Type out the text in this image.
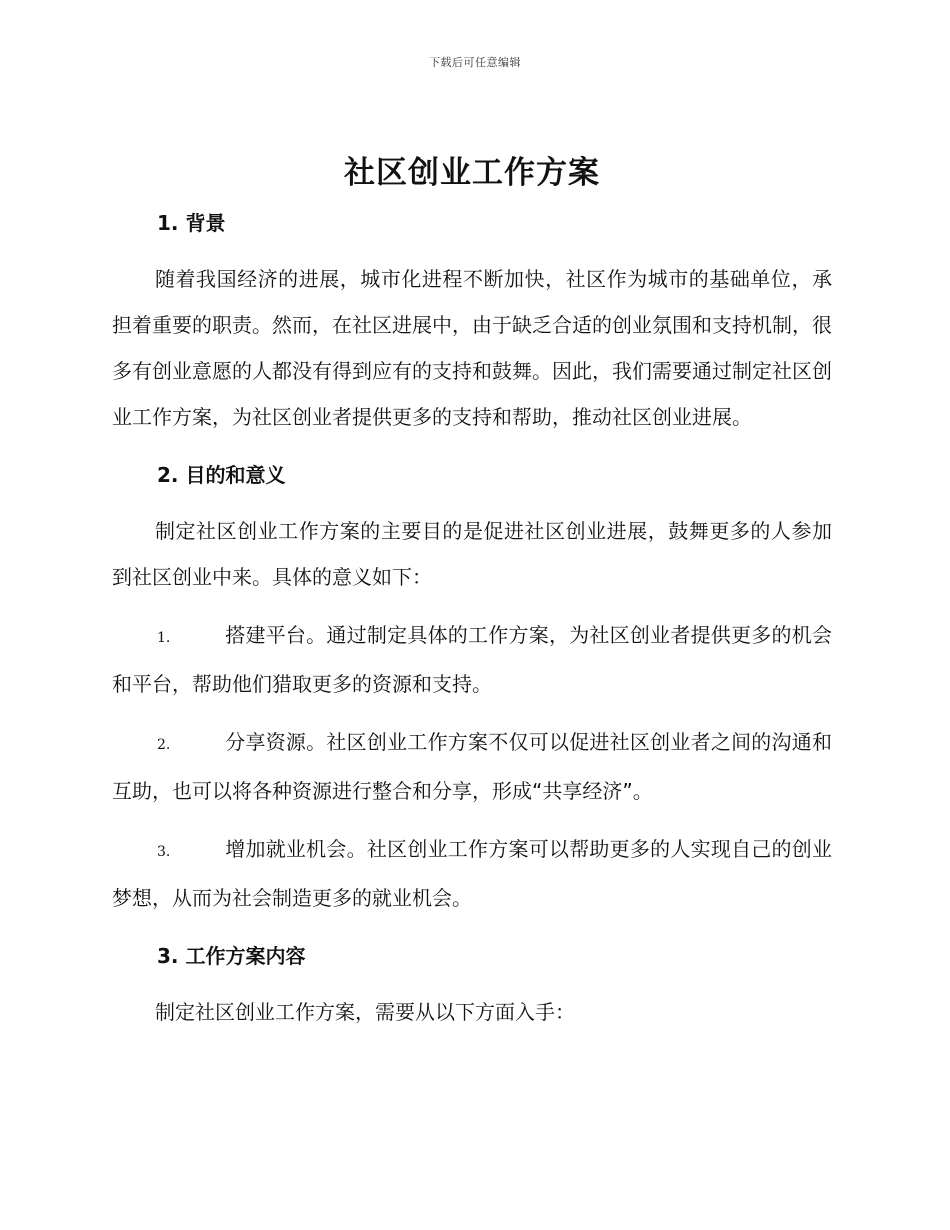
下载后可任意编辑
社区创业工作方案
1. 背景

随着我国经济的进展，城市化进程不断加快，社区作为城市的基础单位，承担着重要的职责。然而，在社区进展中，由于缺乏合适的创业氛围和支持机制，很多有创业意愿的人都没有得到应有的支持和鼓舞。因此，我们需要通过制定社区创业工作方案，为社区创业者提供更多的支持和帮助，推动社区创业进展。

2. 目的和意义

制定社区创业工作方案的主要目的是促进社区创业进展，鼓舞更多的人参加到社区创业中来。具体的意义如下：

1.	搭建平台。通过制定具体的工作方案，为社区创业者提供更多的机会和平台，帮助他们猎取更多的资源和支持。

2.	分享资源。社区创业工作方案不仅可以促进社区创业者之间的沟通和互助，也可以将各种资源进行整合和分享，形成“共享经济”。

3.	增加就业机会。社区创业工作方案可以帮助更多的人实现自己的创业梦想，从而为社会制造更多的就业机会。

3. 工作方案内容

制定社区创业工作方案，需要从以下方面入手：
